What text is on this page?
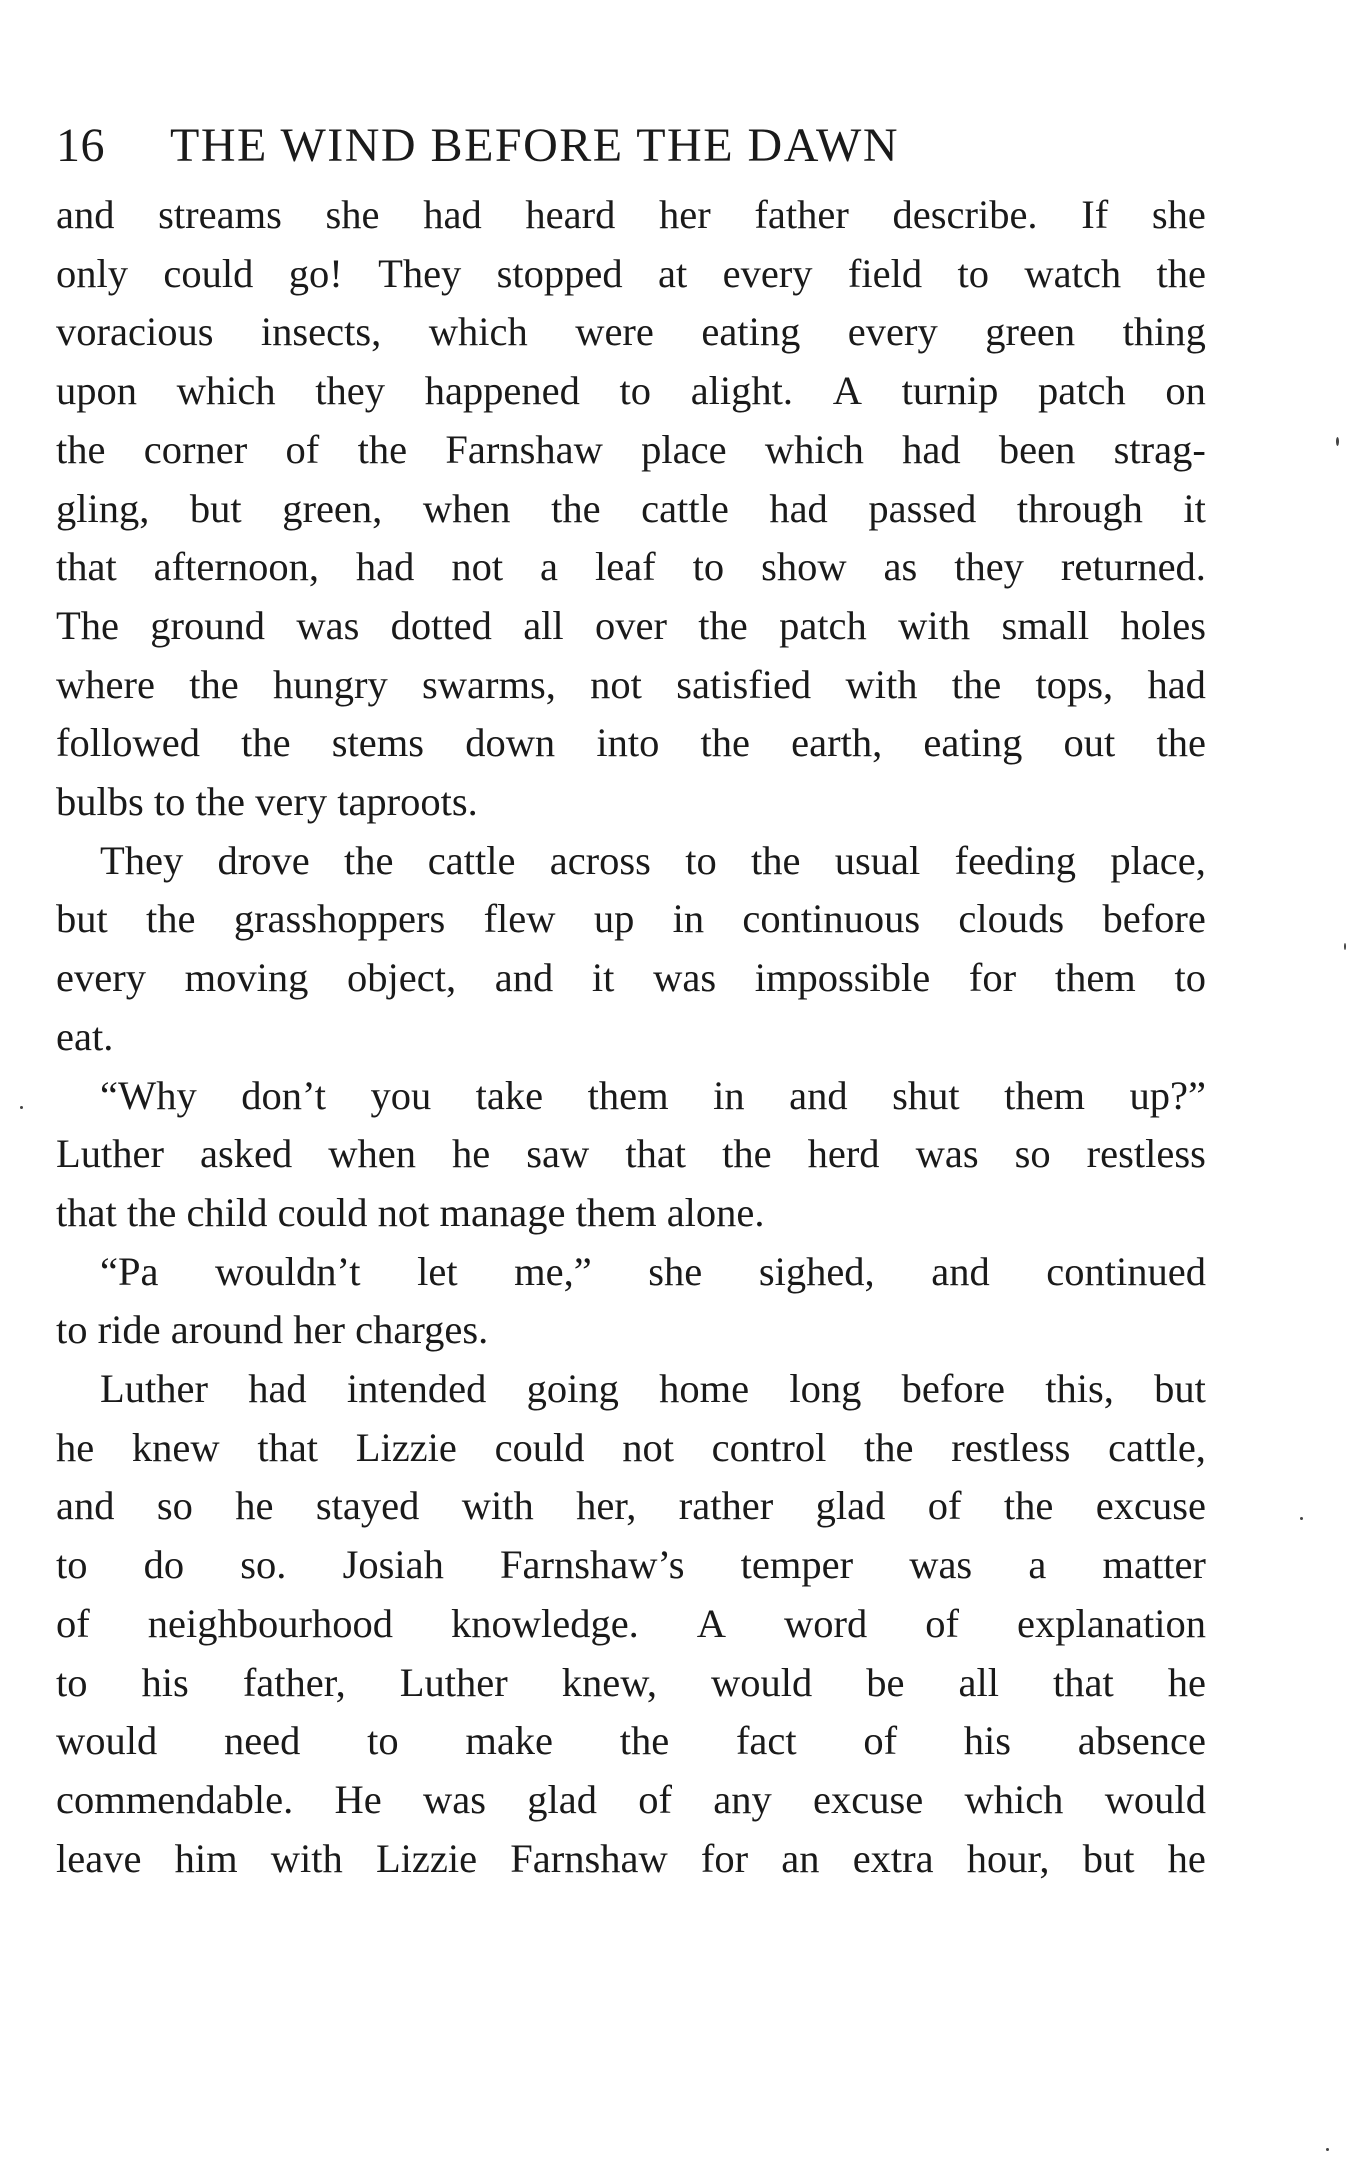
16	THE WIND BEFORE THE DAWN
and streams she had heard her father describe. If she
only could go! They stopped at every field to watch the
voracious insects, which were eating every green thing
upon which they happened to alight. A turnip patch on
the corner of the Farnshaw place which had been strag-
gling, but green, when the cattle had passed through it
that afternoon, had not a leaf to show as they returned.
The ground was dotted all over the patch with small holes
where the hungry swarms, not satisfied with the tops, had
followed the stems down into the earth, eating out the
bulbs to the very taproots.
They drove the cattle across to the usual feeding place,
but the grasshoppers flew up in continuous clouds before
every moving object, and it was impossible for them to
eat.
“Why don’t you take them in and shut them up?”
Luther asked when he saw that the herd was so restless
that the child could not manage them alone.
“Pa wouldn’t let me,” she sighed, and continued
to ride around her charges.
Luther had intended going home long before this, but
he knew that Lizzie could not control the restless cattle,
and so he stayed with her, rather glad of the excuse
to do so. Josiah Farnshaw’s temper was a matter
of neighbourhood knowledge. A word of explanation
to his father, Luther knew, would be all that he
would need to make the fact of his absence
commendable. He was glad of any excuse which would
leave him with Lizzie Farnshaw for an extra hour, but he
